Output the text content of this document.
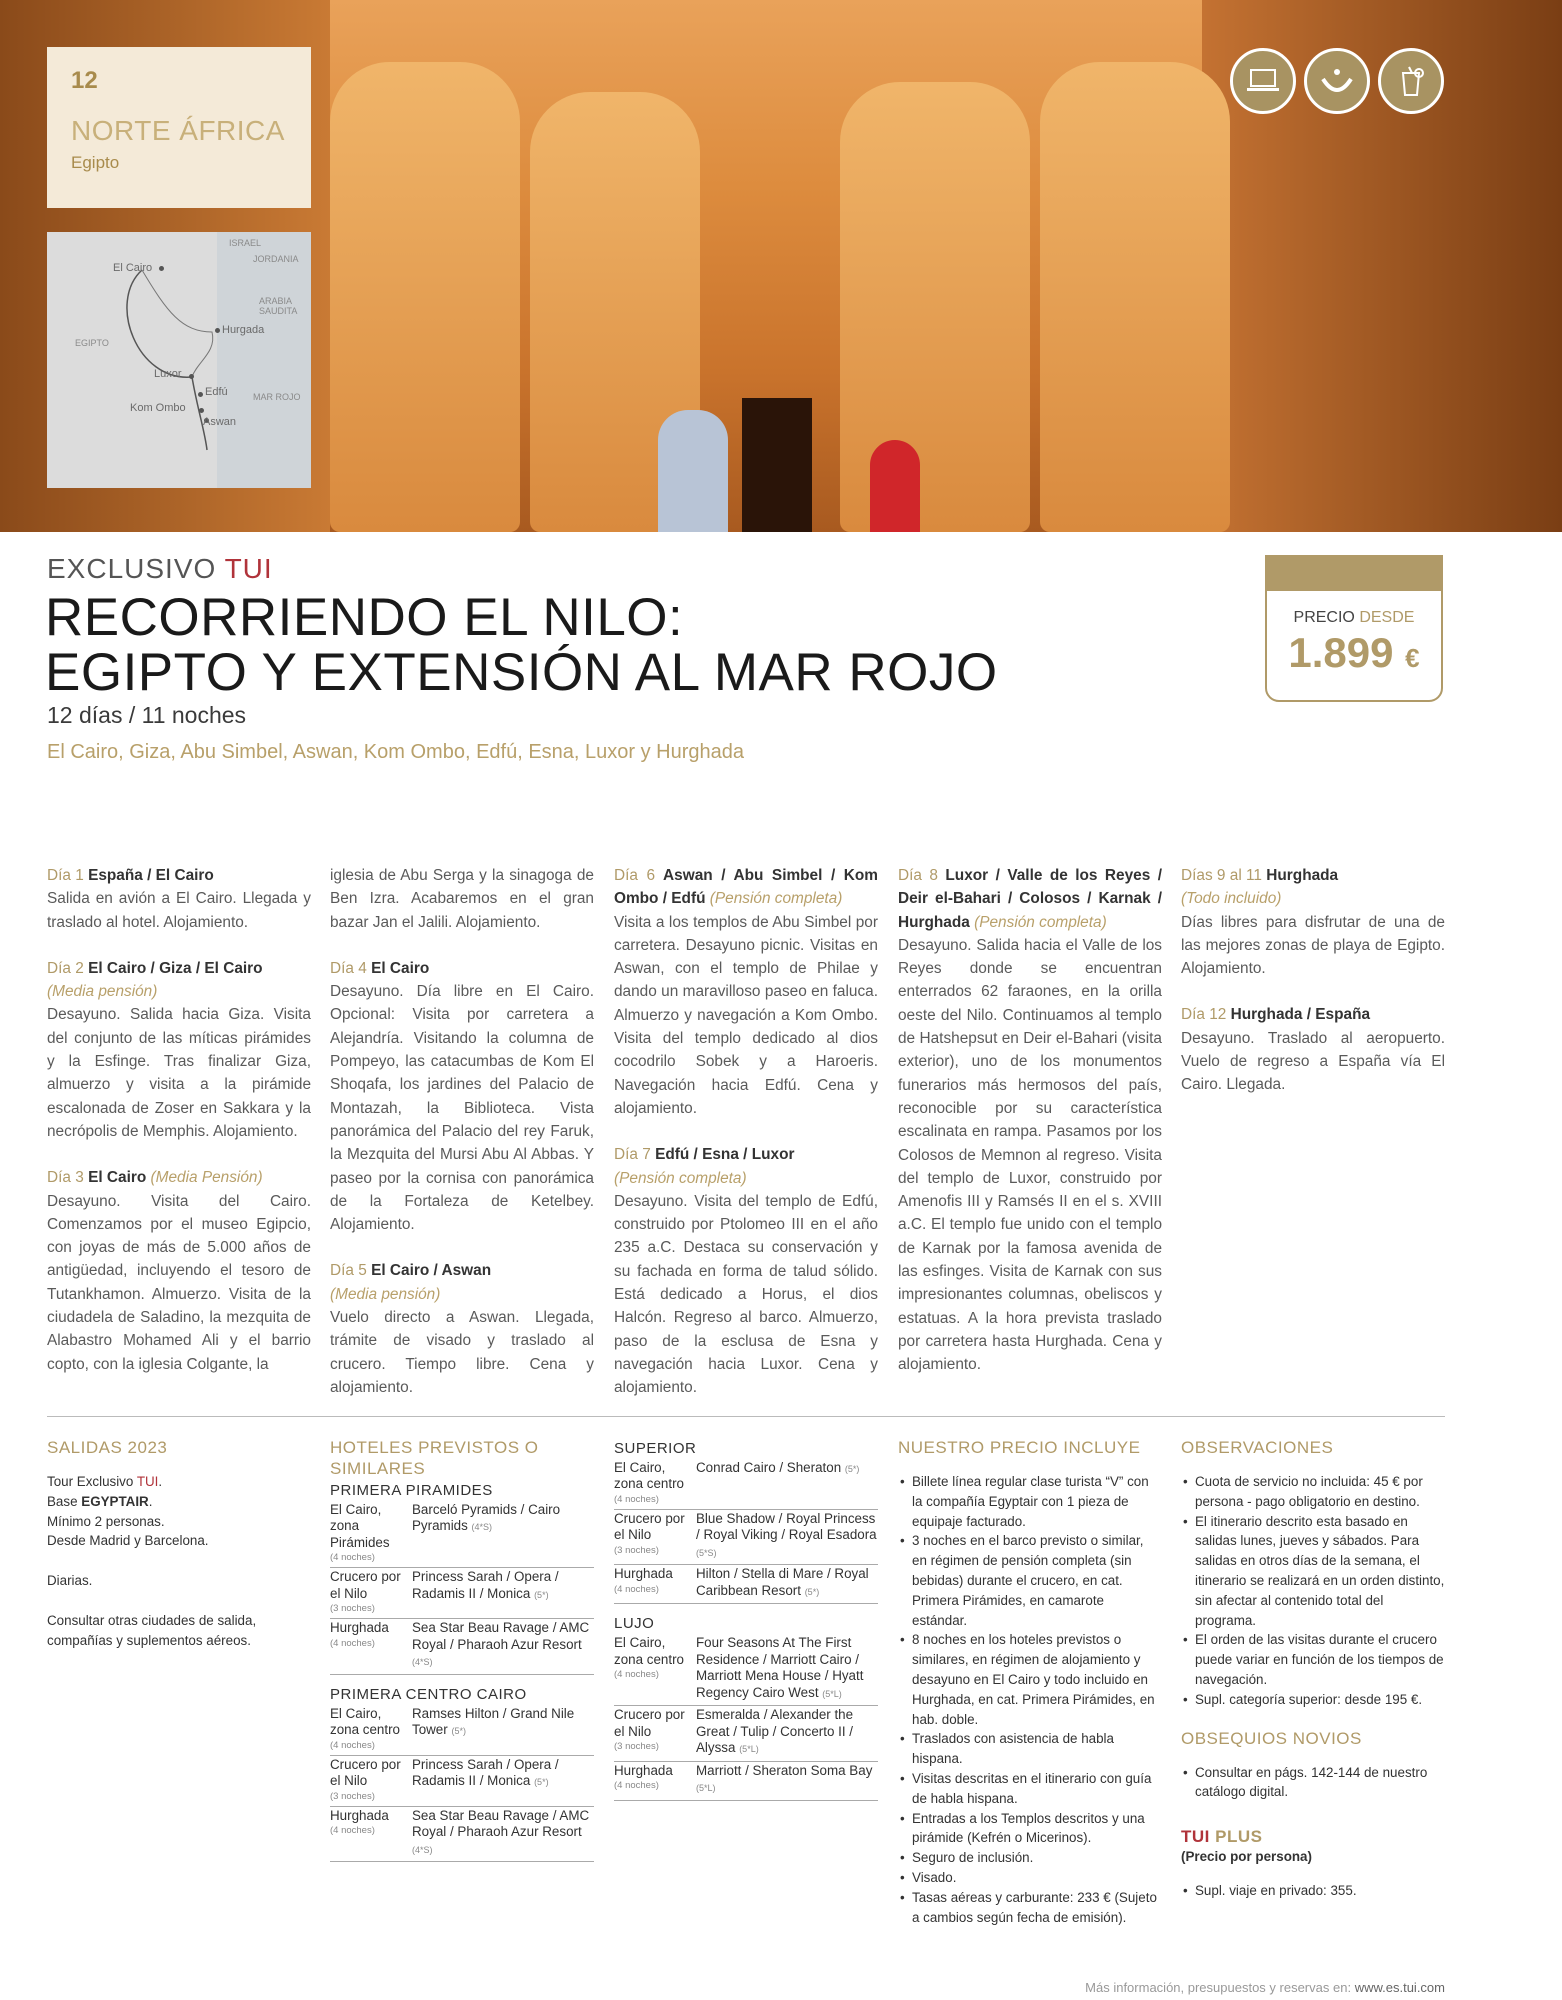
12
NORTE ÁFRICA
Egipto
ISRAEL
JORDANIA
ARABIA SAUDITA
EGIPTO
MAR ROJO
El Cairo
Hurgada
Luxor
Edfú
Kom Ombo
Aswan
EXCLUSIVO TUI
RECORRIENDO EL NILO:
EGIPTO Y EXTENSIÓN AL MAR ROJO
12 días / 11 noches
El Cairo, Giza, Abu Simbel, Aswan, Kom Ombo, Edfú, Esna, Luxor y Hurghada
PRECIO DESDE
1.899 €

Día 1 España / El Cairo
Salida en avión a El Cairo. Llegada y traslado al hotel. Alojamiento.

Día 2 El Cairo / Giza / El Cairo
(Media pensión)
Desayuno. Salida hacia Giza. Visita del conjunto de las míticas pirámides y la Esfinge. Tras finalizar Giza, almuerzo y visita a la pirámide escalonada de Zoser en Sakkara y la necrópolis de Memphis. Alojamiento.

Día 3 El Cairo (Media Pensión)
Desayuno. Visita del Cairo. Comenzamos por el museo Egipcio, con joyas de más de 5.000 años de antigüedad, incluyendo el tesoro de Tutankhamon. Almuerzo. Visita de la ciudadela de Saladino, la mezquita de Alabastro Mohamed Ali y el barrio copto, con la iglesia Colgante, la

iglesia de Abu Serga y la sinagoga de Ben Izra. Acabaremos en el gran bazar Jan el Jalili. Alojamiento.

Día 4 El Cairo
Desayuno. Día libre en El Cairo. Opcional: Visita por carretera a Alejandría. Visitando la columna de Pompeyo, las catacumbas de Kom El Shoqafa, los jardines del Palacio de Montazah, la Biblioteca. Vista panorámica del Palacio del rey Faruk, la Mezquita del Mursi Abu Al Abbas. Y paseo por la cornisa con panorámica de la Fortaleza de Ketelbey. Alojamiento.

Día 5 El Cairo / Aswan
(Media pensión)
Vuelo directo a Aswan. Llegada, trámite de visado y traslado al crucero. Tiempo libre. Cena y alojamiento.

Día 6 Aswan / Abu Simbel / Kom Ombo / Edfú (Pensión completa)
Visita a los templos de Abu Simbel por carretera. Desayuno picnic. Visitas en Aswan, con el templo de Philae y dando un maravilloso paseo en faluca. Almuerzo y navegación a Kom Ombo. Visita del templo dedicado al dios cocodrilo Sobek y a Haroeris. Navegación hacia Edfú. Cena y alojamiento.

Día 7 Edfú / Esna / Luxor
(Pensión completa)
Desayuno. Visita del templo de Edfú, construido por Ptolomeo III en el año 235 a.C. Destaca su conservación y su fachada en forma de talud sólido. Está dedicado a Horus, el dios Halcón. Regreso al barco. Almuerzo, paso de la esclusa de Esna y navegación hacia Luxor. Cena y alojamiento.

Día 8 Luxor / Valle de los Reyes / Deir el-Bahari / Colosos / Karnak / Hurghada (Pensión completa)
Desayuno. Salida hacia el Valle de los Reyes donde se encuentran enterrados 62 faraones, en la orilla oeste del Nilo. Continuamos al templo de Hatshepsut en Deir el-Bahari (visita exterior), uno de los monumentos funerarios más hermosos del país, reconocible por su característica escalinata en rampa. Pasamos por los Colosos de Memnon al regreso. Visita del templo de Luxor, construido por Amenofis III y Ramsés II en el s. XVIII a.C. El templo fue unido con el templo de Karnak por la famosa avenida de las esfinges. Visita de Karnak con sus impresionantes columnas, obeliscos y estatuas. A la hora prevista traslado por carretera hasta Hurghada. Cena y alojamiento.

Días 9 al 11 Hurghada
(Todo incluido)
Días libres para disfrutar de una de las mejores zonas de playa de Egipto. Alojamiento.

Día 12 Hurghada / España
Desayuno. Traslado al aeropuerto. Vuelo de regreso a España vía El Cairo. Llegada.

SALIDAS 2023
Tour Exclusivo TUI.
Base EGYPTAIR.
Mínimo 2 personas.
Desde Madrid y Barcelona.
Diarias.
Consultar otras ciudades de salida, compañías y suplementos aéreos.
HOTELES PREVISTOS O SIMILARES
PRIMERA PIRAMIDES
El Cairo, zona Pirámides
(4 noches)	Barceló Pyramids / Cairo Pyramids (4*S)
Crucero por el Nilo
(3 noches)	Princess Sarah / Opera / Radamis II / Monica (5*)
Hurghada
(4 noches)	Sea Star Beau Ravage / AMC Royal / Pharaoh Azur Resort (4*S)
PRIMERA CENTRO CAIRO
El Cairo, zona centro
(4 noches)	Ramses Hilton / Grand Nile Tower (5*)
Crucero por el Nilo
(3 noches)	Princess Sarah / Opera / Radamis II / Monica (5*)
Hurghada
(4 noches)	Sea Star Beau Ravage / AMC Royal / Pharaoh Azur Resort (4*S)
SUPERIOR
El Cairo, zona centro
(4 noches)	Conrad Cairo / Sheraton (5*)
Crucero por el Nilo
(3 noches)	Blue Shadow / Royal Princess / Royal Viking / Royal Esadora (5*S)
Hurghada
(4 noches)	Hilton / Stella di Mare / Royal Caribbean Resort (5*)
LUJO
El Cairo, zona centro
(4 noches)	Four Seasons At The First Residence / Marriott Cairo / Marriott Mena House / Hyatt Regency Cairo West (5*L)
Crucero por el Nilo
(3 noches)	Esmeralda / Alexander the Great / Tulip / Concerto II / Alyssa (5*L)
Hurghada
(4 noches)	Marriott / Sheraton Soma Bay (5*L)
NUESTRO PRECIO INCLUYE
• Billete línea regular clase turista “V” con la compañía Egyptair con 1 pieza de equipaje facturado.
• 3 noches en el barco previsto o similar, en régimen de pensión completa (sin bebidas) durante el crucero, en cat. Primera Pirámides, en camarote estándar.
• 8 noches en los hoteles previstos o similares, en régimen de alojamiento y desayuno en El Cairo y todo incluido en Hurghada, en cat. Primera Pirámides, en hab. doble.
• Traslados con asistencia de habla hispana.
• Visitas descritas en el itinerario con guía de habla hispana.
• Entradas a los Templos descritos y una pirámide (Kefrén o Micerinos).
• Seguro de inclusión.
• Visado.
• Tasas aéreas y carburante: 233 € (Sujeto a cambios según fecha de emisión).
OBSERVACIONES
• Cuota de servicio no incluida: 45 € por persona - pago obligatorio en destino.
• El itinerario descrito esta basado en salidas lunes, jueves y sábados. Para salidas en otros días de la semana, el itinerario se realizará en un orden distinto, sin afectar al contenido total del programa.
• El orden de las visitas durante el crucero puede variar en función de los tiempos de navegación.
• Supl. categoría superior: desde 195 €.
OBSEQUIOS NOVIOS
• Consultar en págs. 142-144 de nuestro catálogo digital.
TUI PLUS
(Precio por persona)
• Supl. viaje en privado: 355.
Más información, presupuestos y reservas en: www.es.tui.com
